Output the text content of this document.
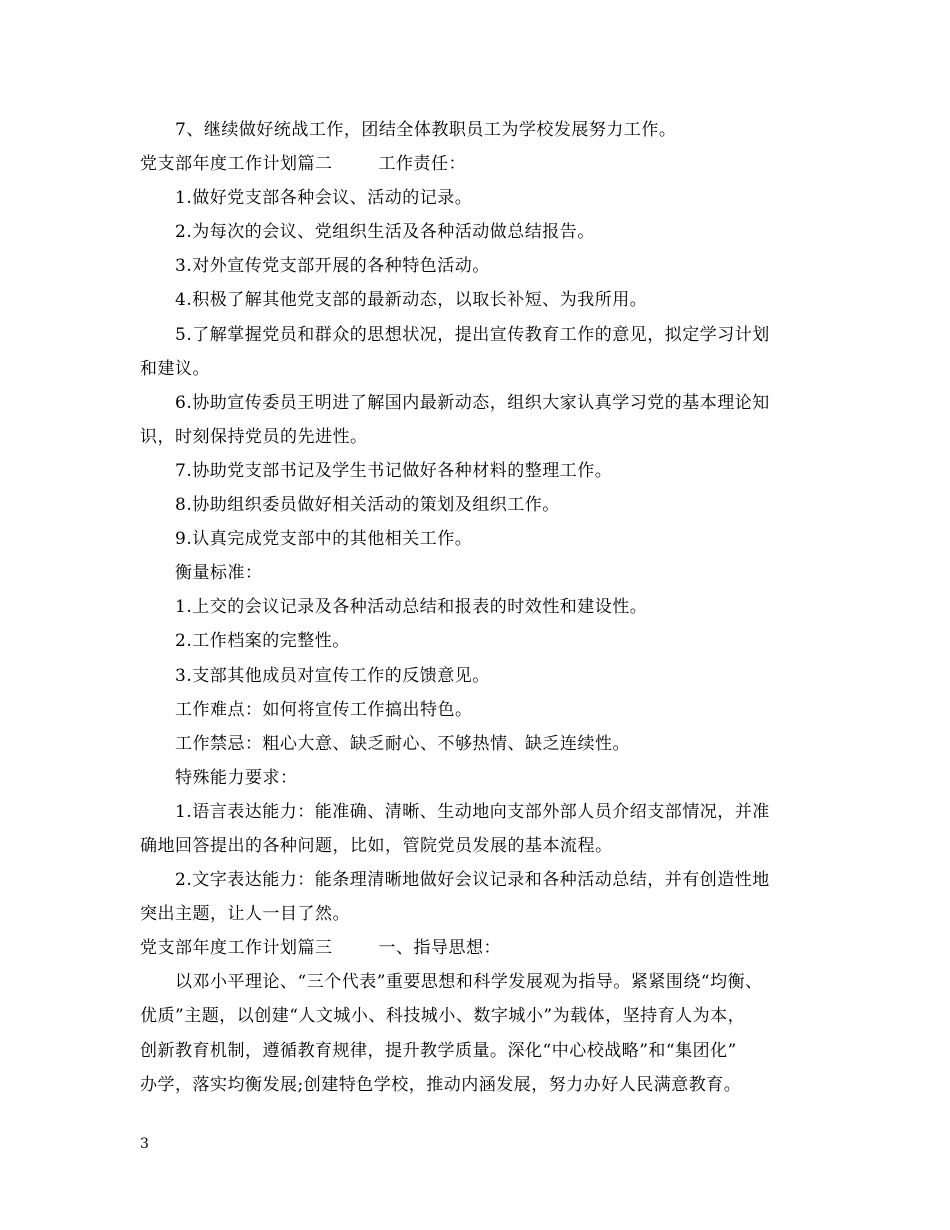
7、继续做好统战工作，团结全体教职员工为学校发展努力工作。
党支部年度工作计划篇二	工作责任：
1.做好党支部各种会议、活动的记录。
2.为每次的会议、党组织生活及各种活动做总结报告。
3.对外宣传党支部开展的各种特色活动。
4.积极了解其他党支部的最新动态，以取长补短、为我所用。
5.了解掌握党员和群众的思想状况，提出宣传教育工作的意见，拟定学习计划
和建议。
6.协助宣传委员王明进了解国内最新动态，组织大家认真学习党的基本理论知
识，时刻保持党员的先进性。
7.协助党支部书记及学生书记做好各种材料的整理工作。
8.协助组织委员做好相关活动的策划及组织工作。
9.认真完成党支部中的其他相关工作。
衡量标准：
1.上交的会议记录及各种活动总结和报表的时效性和建设性。
2.工作档案的完整性。
3.支部其他成员对宣传工作的反馈意见。
工作难点：如何将宣传工作搞出特色。
工作禁忌：粗心大意、缺乏耐心、不够热情、缺乏连续性。
特殊能力要求：
1.语言表达能力：能准确、清晰、生动地向支部外部人员介绍支部情况，并准
确地回答提出的各种问题，比如，管院党员发展的基本流程。
2.文字表达能力：能条理清晰地做好会议记录和各种活动总结，并有创造性地
突出主题，让人一目了然。
党支部年度工作计划篇三	一、指导思想：
以邓小平理论、“三个代表”重要思想和科学发展观为指导。紧紧围绕“均衡、
优质”主题，以创建“人文城小、科技城小、数字城小”为载体，坚持育人为本，
创新教育机制，遵循教育规律，提升教学质量。深化“中心校战略”和“集团化”
办学，落实均衡发展;创建特色学校，推动内涵发展，努力办好人民满意教育。
3
